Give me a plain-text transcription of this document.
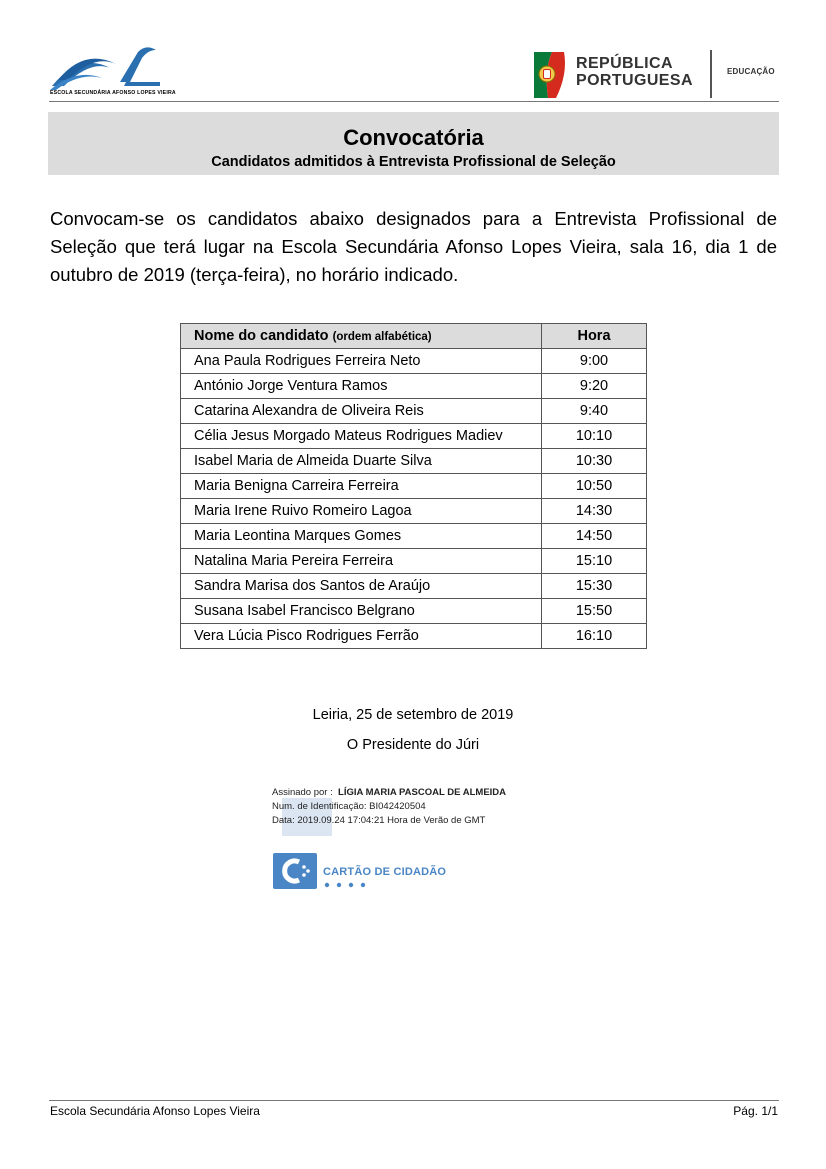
ESCOLA SECUNDÁRIA AFONSO LOPES VIEIRA
REPÚBLICA
PORTUGUESA
EDUCAÇÃO
Convocatória
Candidatos admitidos à Entrevista Profissional de Seleção
Convocam-se os candidatos abaixo designados para a Entrevista Profissional de Seleção que terá lugar na Escola Secundária Afonso Lopes Vieira, sala 16, dia 1 de outubro de 2019 (terça-feira), no horário indicado.
Nome do candidato (ordem alfabética)	Hora
Ana Paula Rodrigues Ferreira Neto	9:00
António Jorge Ventura Ramos	9:20
Catarina Alexandra de Oliveira Reis	9:40
Célia Jesus Morgado Mateus Rodrigues Madiev	10:10
Isabel Maria de Almeida Duarte Silva	10:30
Maria Benigna Carreira Ferreira	10:50
Maria Irene Ruivo Romeiro Lagoa	14:30
Maria Leontina Marques Gomes	14:50
Natalina Maria Pereira Ferreira	15:10
Sandra Marisa dos Santos de Araújo	15:30
Susana Isabel Francisco Belgrano	15:50
Vera Lúcia Pisco Rodrigues Ferrão	16:10
Leiria, 25 de setembro de 2019
O Presidente do Júri
Assinado por : LÍGIA MARIA PASCOAL DE ALMEIDA
Num. de Identificação: BI042420504
Data: 2019.09.24 17:04:21 Hora de Verão de GMT
CARTÃO DE CIDADÃO
Escola Secundária Afonso Lopes Vieira	Pág. 1/1
